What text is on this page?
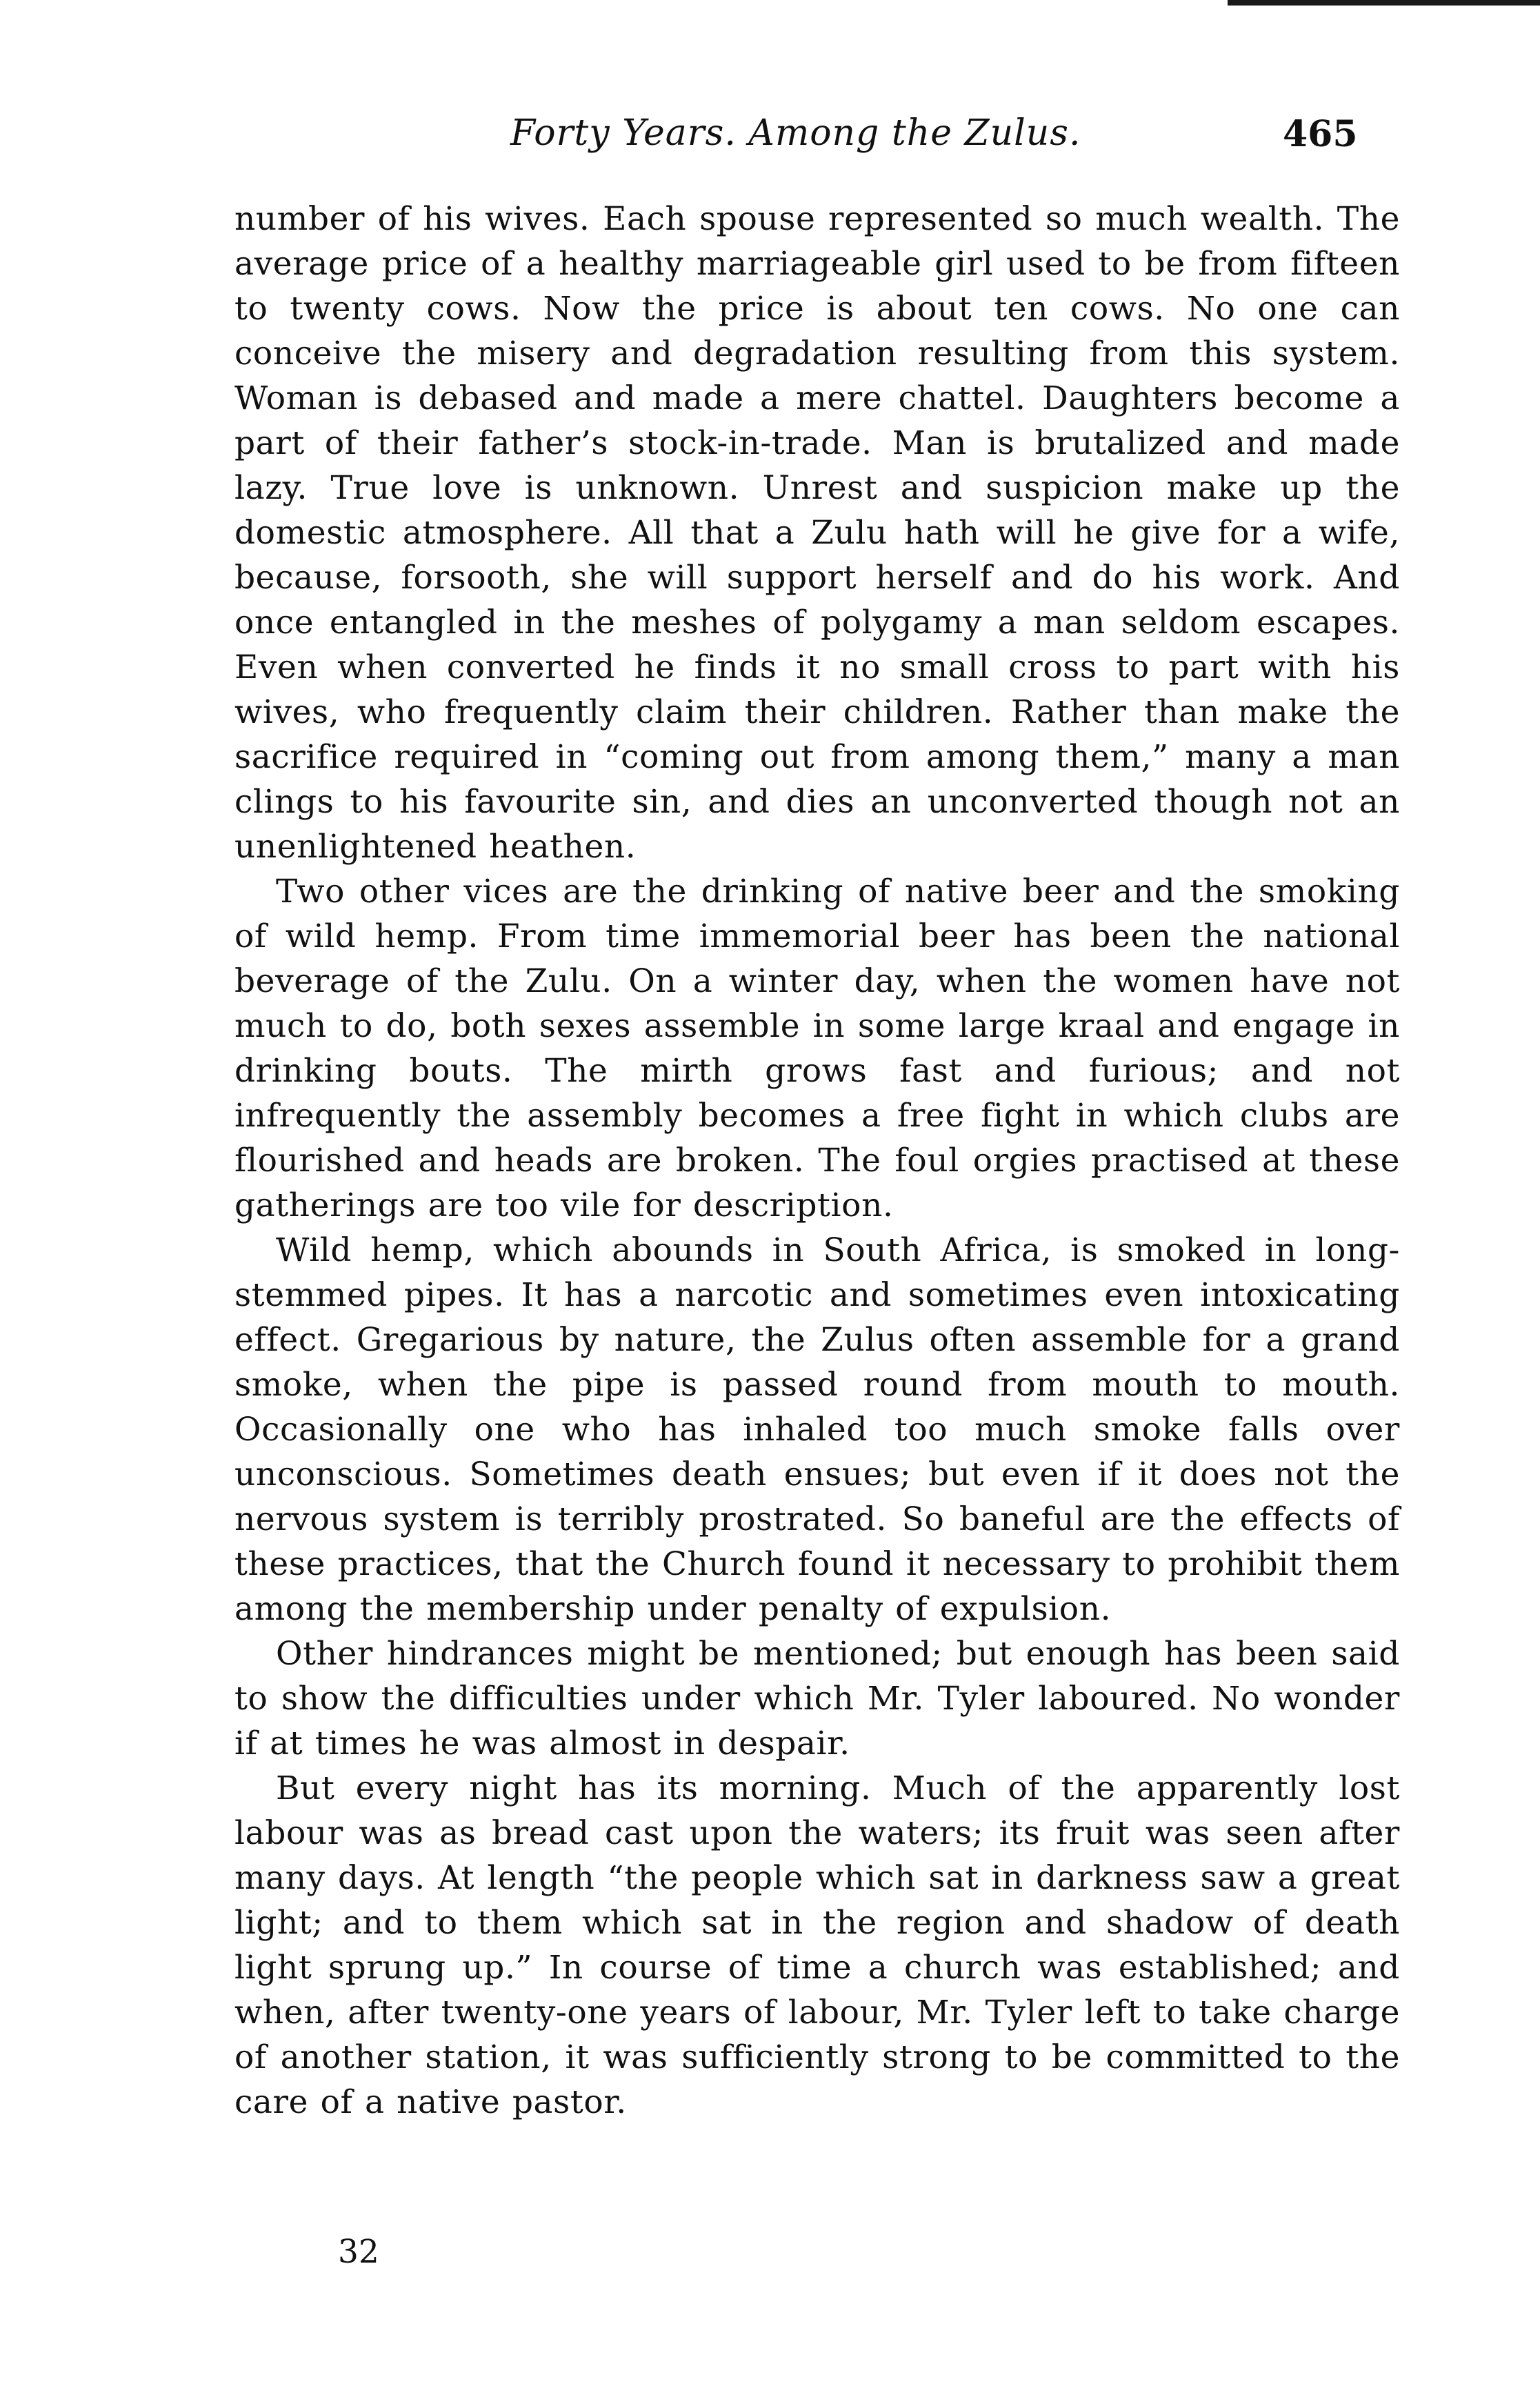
Forty Years. Among the Zulus.	465

number of his wives. Each spouse represented so much wealth. The average price of a healthy marriageable girl used to be from fifteen to twenty cows. Now the price is about ten cows. No one can conceive the misery and degradation resulting from this system. Woman is debased and made a mere chattel. Daughters become a part of their father’s stock-in-trade. Man is brutalized and made lazy. True love is unknown. Unrest and suspicion make up the domestic atmosphere. All that a Zulu hath will he give for a wife, because, forsooth, she will support herself and do his work. And once entangled in the meshes of polygamy a man seldom escapes. Even when converted he finds it no small cross to part with his wives, who frequently claim their children. Rather than make the sacrifice required in “coming out from among them,” many a man clings to his favourite sin, and dies an unconverted though not an unenlightened heathen.

Two other vices are the drinking of native beer and the smoking of wild hemp. From time immemorial beer has been the national beverage of the Zulu. On a winter day, when the women have not much to do, both sexes assemble in some large kraal and engage in drinking bouts. The mirth grows fast and furious; and not infrequently the assembly becomes a free fight in which clubs are flourished and heads are broken. The foul orgies practised at these gatherings are too vile for description.

Wild hemp, which abounds in South Africa, is smoked in long-stemmed pipes. It has a narcotic and sometimes even intoxicating effect. Gregarious by nature, the Zulus often assemble for a grand smoke, when the pipe is passed round from mouth to mouth. Occasionally one who has inhaled too much smoke falls over unconscious. Sometimes death ensues; but even if it does not the nervous system is terribly prostrated. So baneful are the effects of these practices, that the Church found it necessary to prohibit them among the membership under penalty of expulsion.

Other hindrances might be mentioned; but enough has been said to show the difficulties under which Mr. Tyler laboured. No wonder if at times he was almost in despair.

But every night has its morning. Much of the apparently lost labour was as bread cast upon the waters; its fruit was seen after many days. At length “the people which sat in darkness saw a great light; and to them which sat in the region and shadow of death light sprung up.” In course of time a church was established; and when, after twenty-one years of labour, Mr. Tyler left to take charge of another station, it was sufficiently strong to be committed to the care of a native pastor.

32
